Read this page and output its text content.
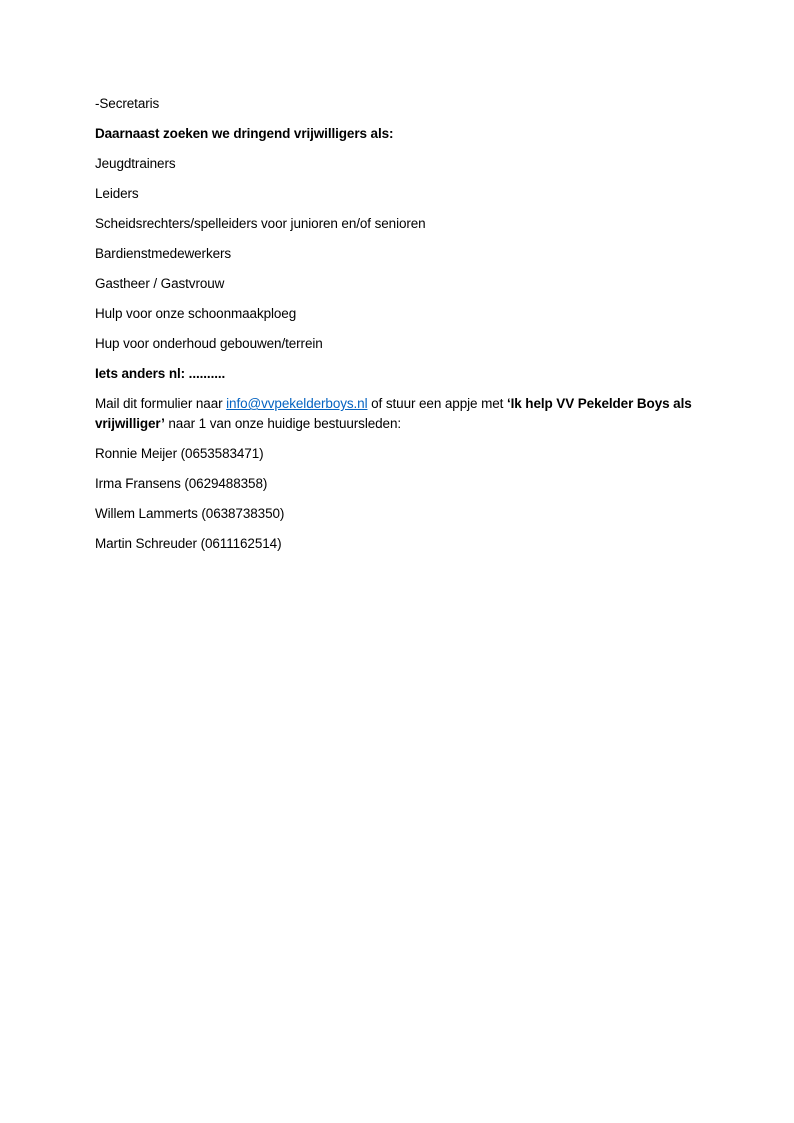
-Secretaris

Daarnaast zoeken we dringend vrijwilligers als:

Jeugdtrainers

Leiders

Scheidsrechters/spelleiders voor junioren en/of senioren

Bardienstmedewerkers

Gastheer / Gastvrouw

Hulp voor onze schoonmaakploeg

Hup voor onderhoud gebouwen/terrein

Iets anders nl: ..........

Mail dit formulier naar info@vvpekelderboys.nl of stuur een appje met ‘Ik help VV Pekelder Boys als
vrijwilliger’ naar 1 van onze huidige bestuursleden:

Ronnie Meijer (0653583471)

Irma Fransens (0629488358)

Willem Lammerts (0638738350)

Martin Schreuder (0611162514)
